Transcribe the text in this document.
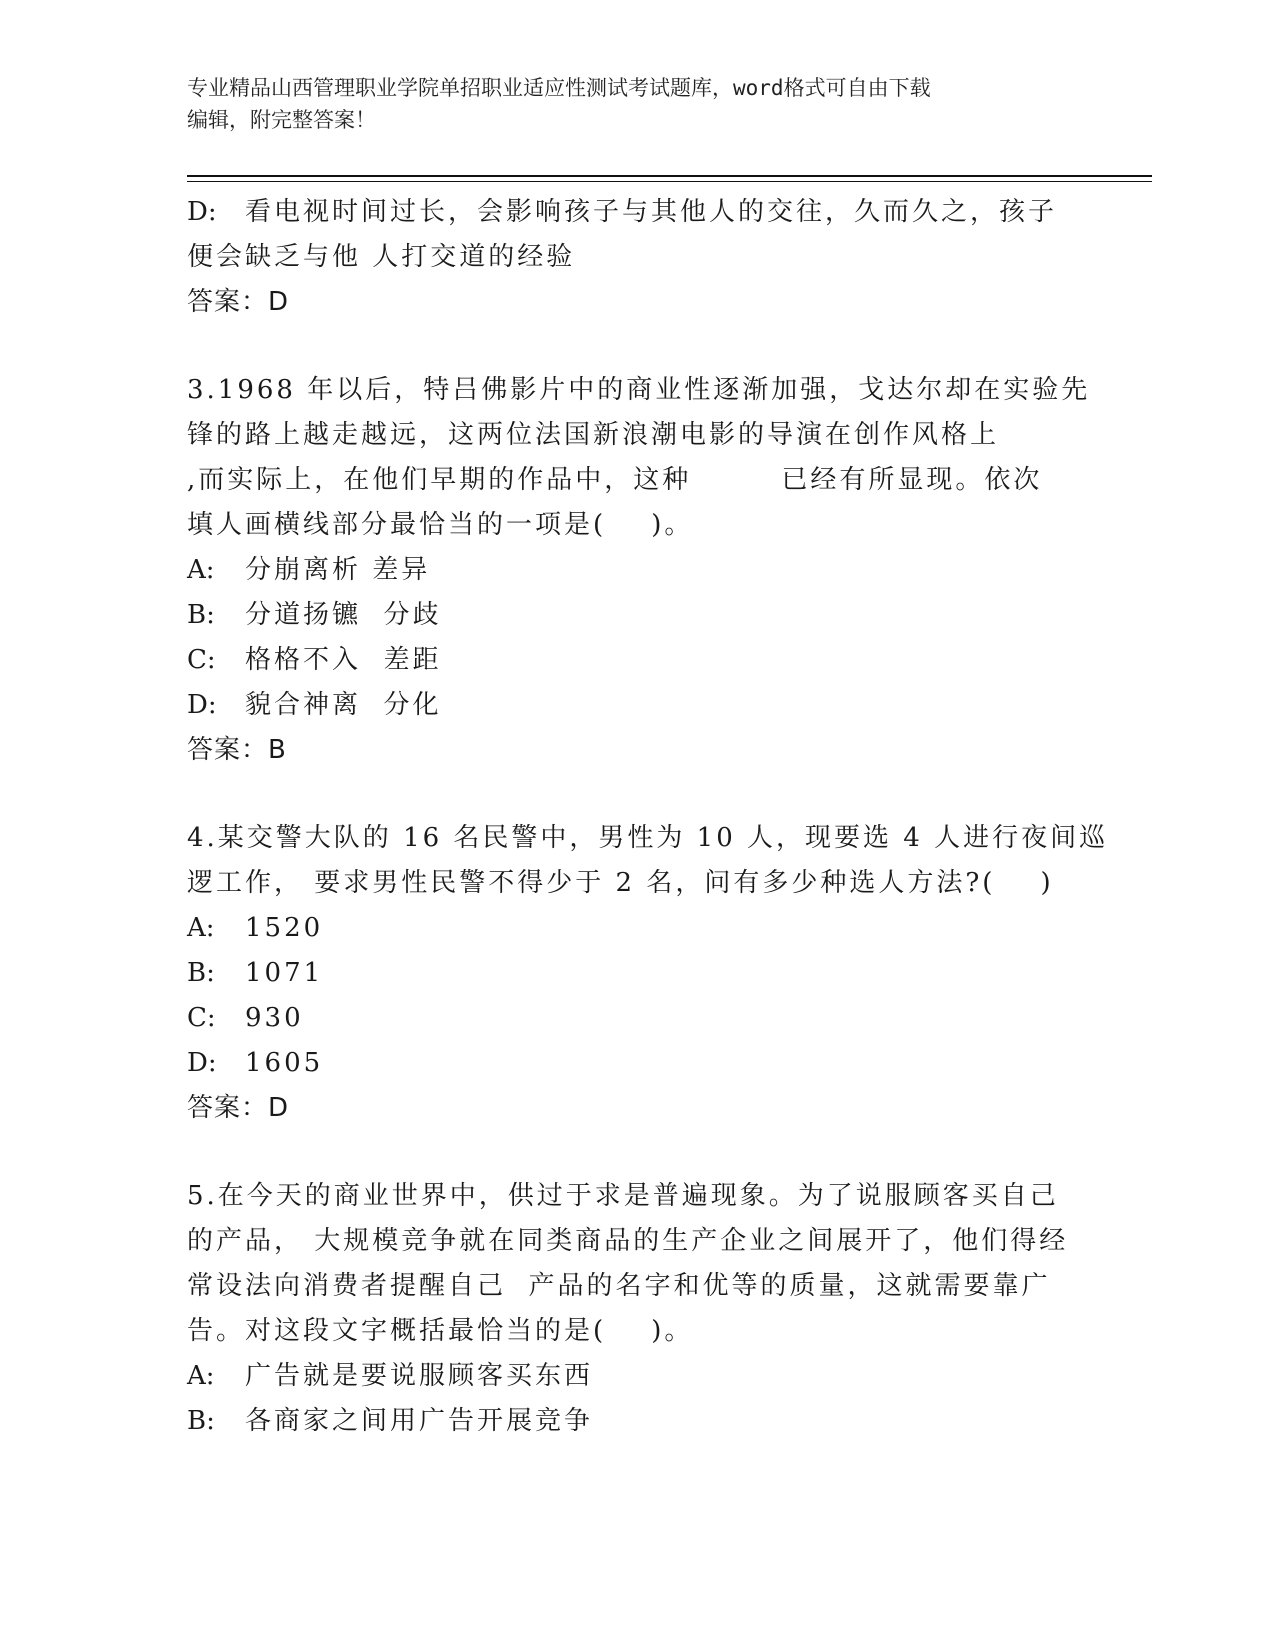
专业精品山西管理职业学院单招职业适应性测试考试题库，word格式可自由下载
编辑，附完整答案！
D: 看电视时间过长，会影响孩子与其他人的交往，久而久之，孩子
便会缺乏与他 人打交道的经验
答案：D
3.1968 年以后，特吕佛影片中的商业性逐渐加强，戈达尔却在实验先
锋的路上越走越远，这两位法国新浪潮电影的导演在创作风格上
,而实际上，在他们早期的作品中，这种        已经有所显现。依次
填人画横线部分最恰当的一项是(    )。
A: 分崩离析 差异
B: 分道扬镳  分歧
C: 格格不入  差距
D: 貌合神离  分化
答案：B
4.某交警大队的 16 名民警中，男性为 10 人，现要选 4 人进行夜间巡
逻工作， 要求男性民警不得少于 2 名，问有多少种选人方法?(    )
A: 1520
B: 1071
C: 930
D: 1605
答案：D
5.在今天的商业世界中，供过于求是普遍现象。为了说服顾客买自己
的产品， 大规模竞争就在同类商品的生产企业之间展开了，他们得经
常设法向消费者提醒自己  产品的名字和优等的质量，这就需要靠广
告。对这段文字概括最恰当的是(    )。
A: 广告就是要说服顾客买东西
B: 各商家之间用广告开展竞争
